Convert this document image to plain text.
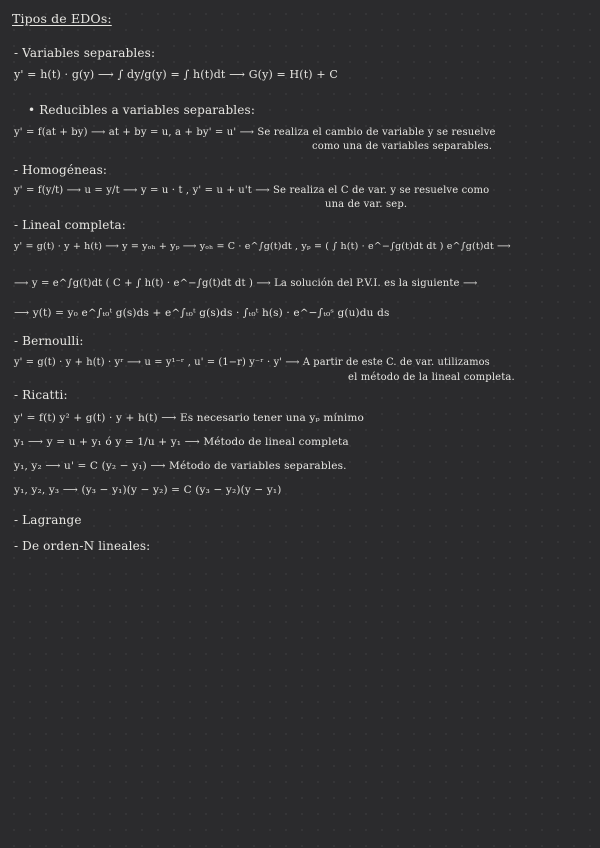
Tipos de EDOs:
- Variables separables:
y' = h(t) · g(y) ⟶ ∫ dy/g(y) = ∫ h(t)dt ⟶ G(y) = H(t) + C
• Reducibles a variables separables:
y' = f(at + by) ⟶ at + by = u, a + by' = u' ⟶ Se realiza el cambio de variable y se resuelve
como una de variables separables.
- Homogéneas:
y' = f(y/t) ⟶ u = y/t ⟶ y = u · t , y' = u + u't ⟶ Se realiza el C de var. y se resuelve como
una de var. sep.
- Lineal completa:
y' = g(t) · y + h(t) ⟶ y = yₒₕ + yₚ ⟶ yₒₕ = C · e^∫g(t)dt , yₚ = ( ∫ h(t) · e^−∫g(t)dt dt ) e^∫g(t)dt ⟶
⟶ y = e^∫g(t)dt ( C + ∫ h(t) · e^−∫g(t)dt dt ) ⟶ La solución del P.V.I. es la siguiente ⟶
⟶ y(t) = y₀ e^∫ₜ₀ᵗ g(s)ds + e^∫ₜ₀ᵗ g(s)ds · ∫ₜ₀ᵗ h(s) · e^−∫ₜ₀ˢ g(u)du ds
- Bernoulli:
y' = g(t) · y + h(t) · yʳ ⟶ u = y¹⁻ʳ , u' = (1−r) y⁻ʳ · y' ⟶ A partir de este C. de var. utilizamos
el método de la lineal completa.
- Ricatti:
y' = f(t) y² + g(t) · y + h(t) ⟶ Es necesario tener una yₚ mínimo
y₁ ⟶ y = u + y₁ ó y = 1/u + y₁ ⟶ Método de lineal completa
y₁, y₂ ⟶ u' = C (y₂ − y₁) ⟶ Método de variables separables.
y₁, y₂, y₃ ⟶ (y₃ − y₁)(y − y₂) = C (y₃ − y₂)(y − y₁)
- Lagrange
- De orden-N lineales:
